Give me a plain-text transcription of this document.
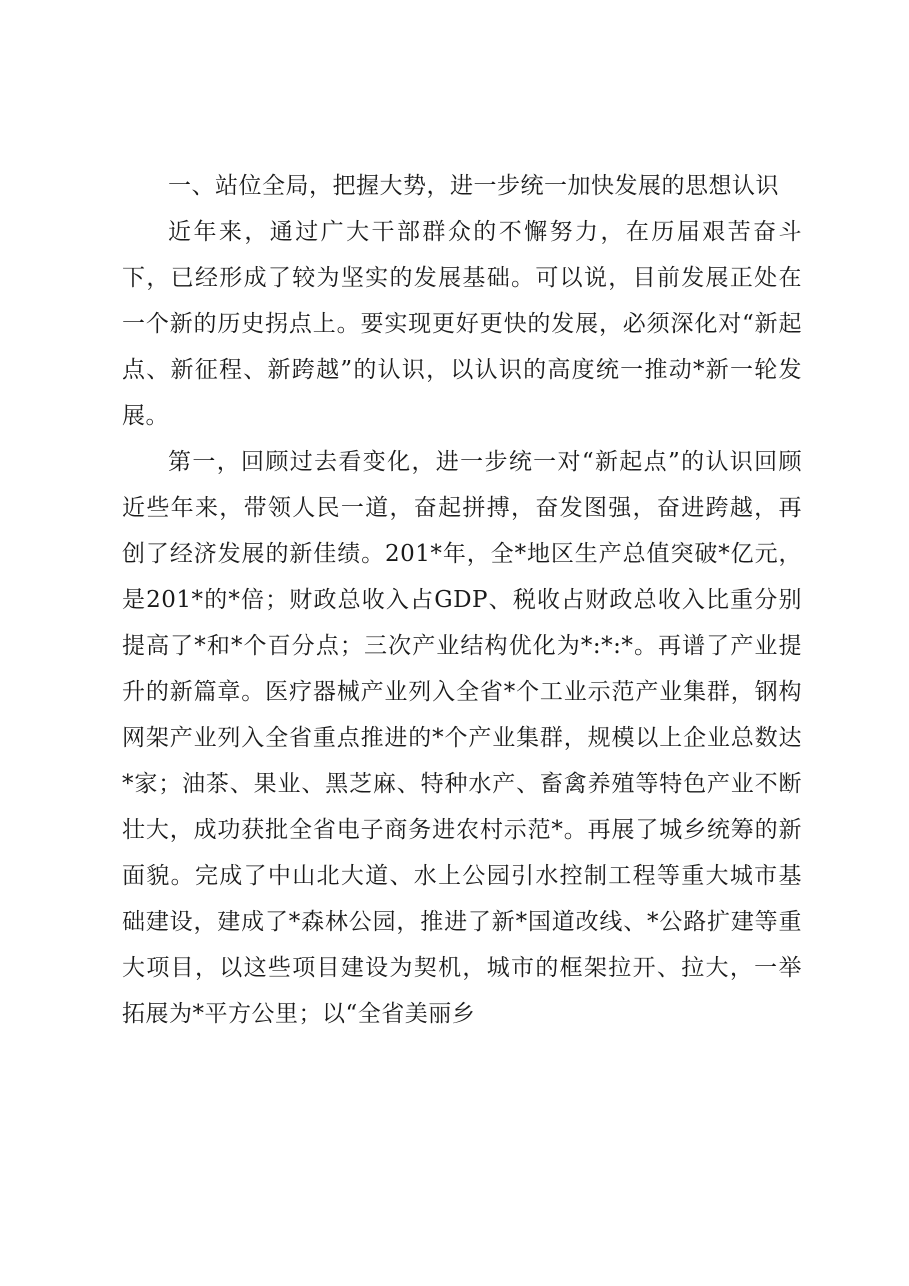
一、站位全局，把握大势，进一步统一加快发展的思想认识

近年来，通过广大干部群众的不懈努力，在历届艰苦奋斗下，已经形成了较为坚实的发展基础。可以说，目前发展正处在一个新的历史拐点上。要实现更好更快的发展，必须深化对“新起点、新征程、新跨越”的认识，以认识的高度统一推动*新一轮发展。

第一，回顾过去看变化，进一步统一对“新起点”的认识回顾近些年来，带领人民一道，奋起拼搏，奋发图强，奋进跨越，再创了经济发展的新佳绩。201*年，全*地区生产总值突破*亿元，是201*的*倍；财政总收入占GDP、税收占财政总收入比重分别提高了*和*个百分点；三次产业结构优化为*:*:*。再谱了产业提升的新篇章。医疗器械产业列入全省*个工业示范产业集群，钢构网架产业列入全省重点推进的*个产业集群，规模以上企业总数达*家；油茶、果业、黑芝麻、特种水产、畜禽养殖等特色产业不断壮大，成功获批全省电子商务进农村示范*。再展了城乡统筹的新面貌。完成了中山北大道、水上公园引水控制工程等重大城市基础建设，建成了*森林公园，推进了新*国道改线、*公路扩建等重大项目，以这些项目建设为契机，城市的框架拉开、拉大，一举拓展为*平方公里；以“全省美丽乡
